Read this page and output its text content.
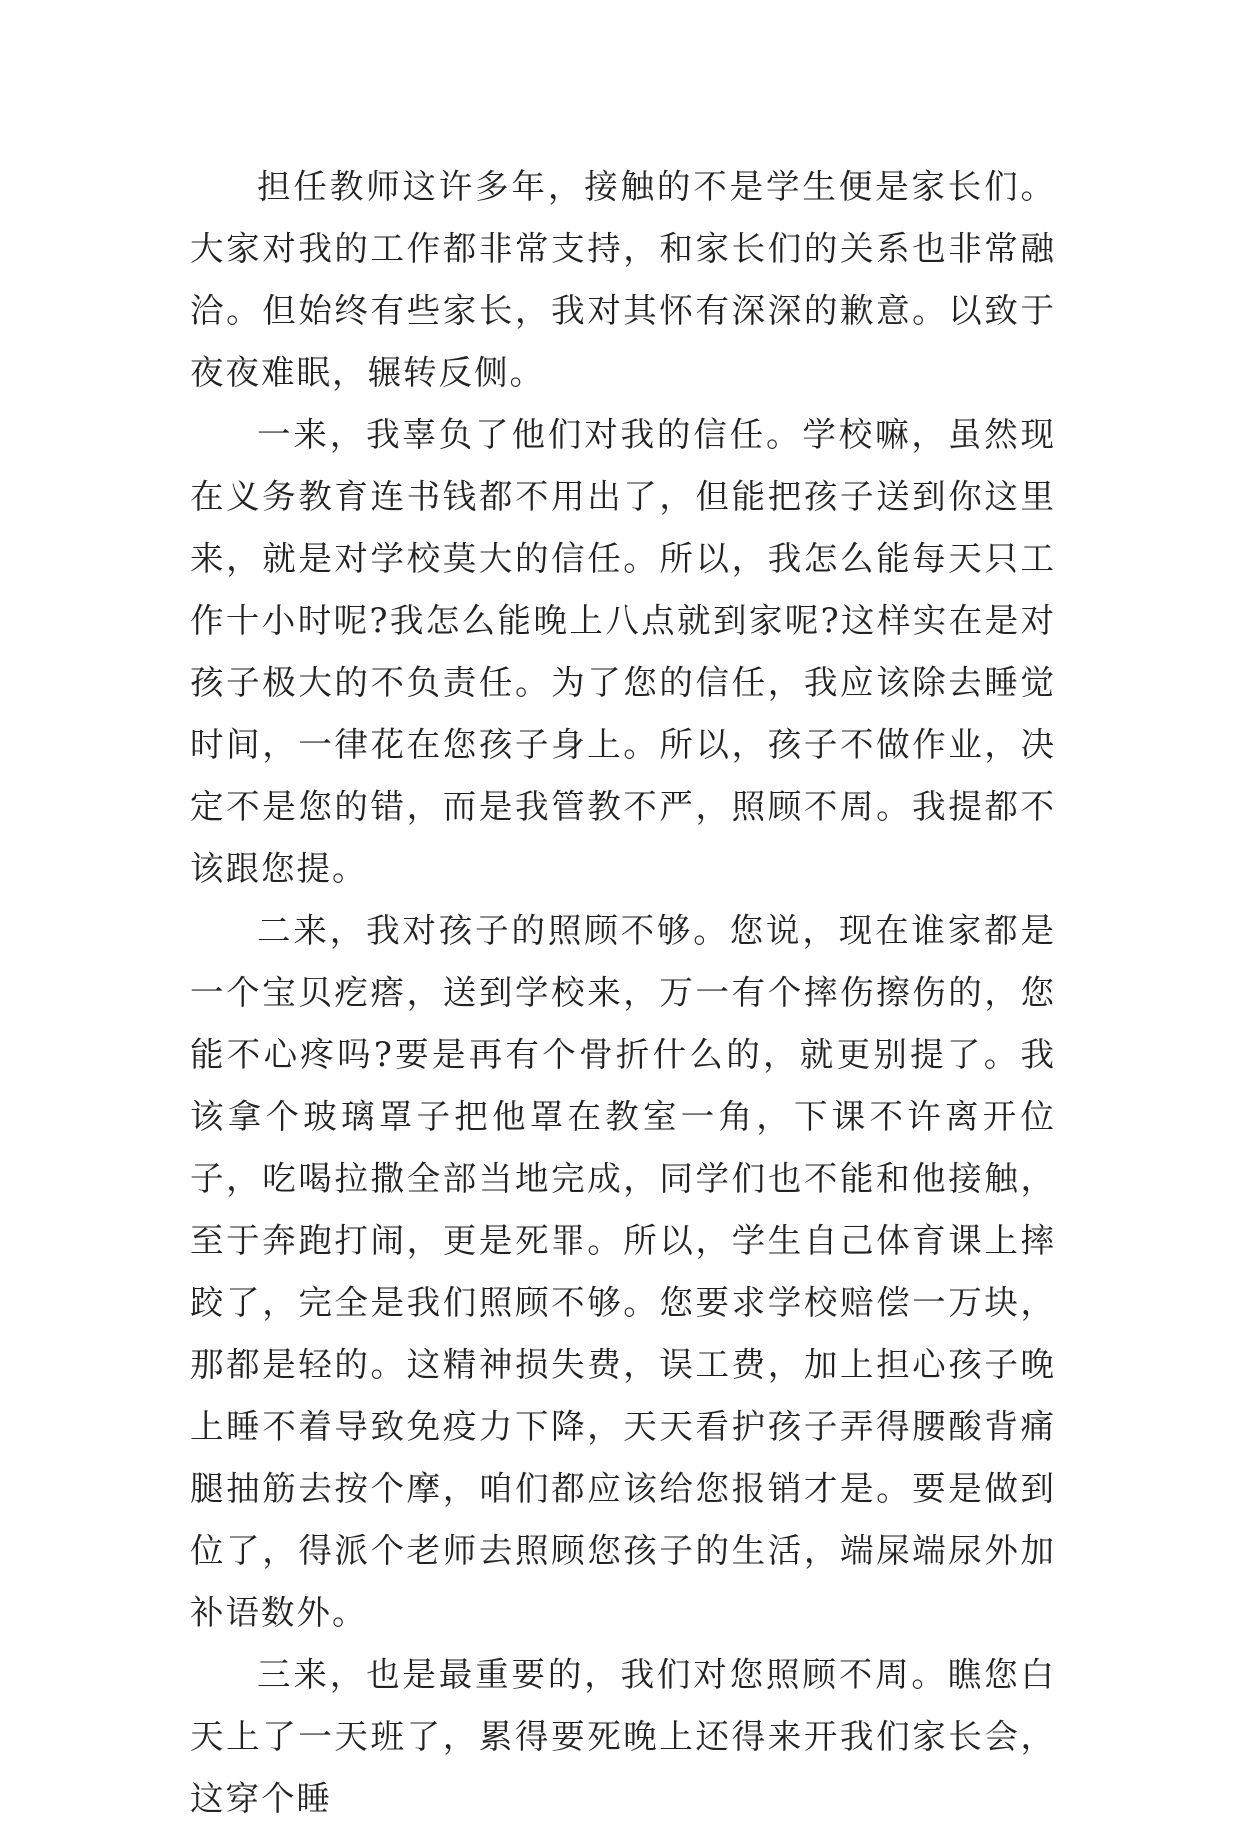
担任教师这许多年，接触的不是学生便是家长们。大家对我的工作都非常支持，和家长们的关系也非常融洽。但始终有些家长，我对其怀有深深的歉意。以致于夜夜难眠，辗转反侧。

一来，我辜负了他们对我的信任。学校嘛，虽然现在义务教育连书钱都不用出了，但能把孩子送到你这里来，就是对学校莫大的信任。所以，我怎么能每天只工作十小时呢?我怎么能晚上八点就到家呢?这样实在是对孩子极大的不负责任。为了您的信任，我应该除去睡觉时间，一律花在您孩子身上。所以，孩子不做作业，决定不是您的错，而是我管教不严，照顾不周。我提都不该跟您提。

二来，我对孩子的照顾不够。您说，现在谁家都是一个宝贝疙瘩，送到学校来，万一有个摔伤擦伤的，您能不心疼吗?要是再有个骨折什么的，就更别提了。我该拿个玻璃罩子把他罩在教室一角，下课不许离开位子，吃喝拉撒全部当地完成，同学们也不能和他接触，至于奔跑打闹，更是死罪。所以，学生自己体育课上摔跤了，完全是我们照顾不够。您要求学校赔偿一万块，那都是轻的。这精神损失费，误工费，加上担心孩子晚上睡不着导致免疫力下降，天天看护孩子弄得腰酸背痛腿抽筋去按个摩，咱们都应该给您报销才是。要是做到位了，得派个老师去照顾您孩子的生活，端屎端尿外加补语数外。

三来，也是最重要的，我们对您照顾不周。瞧您白天上了一天班了，累得要死晚上还得来开我们家长会，这穿个睡
